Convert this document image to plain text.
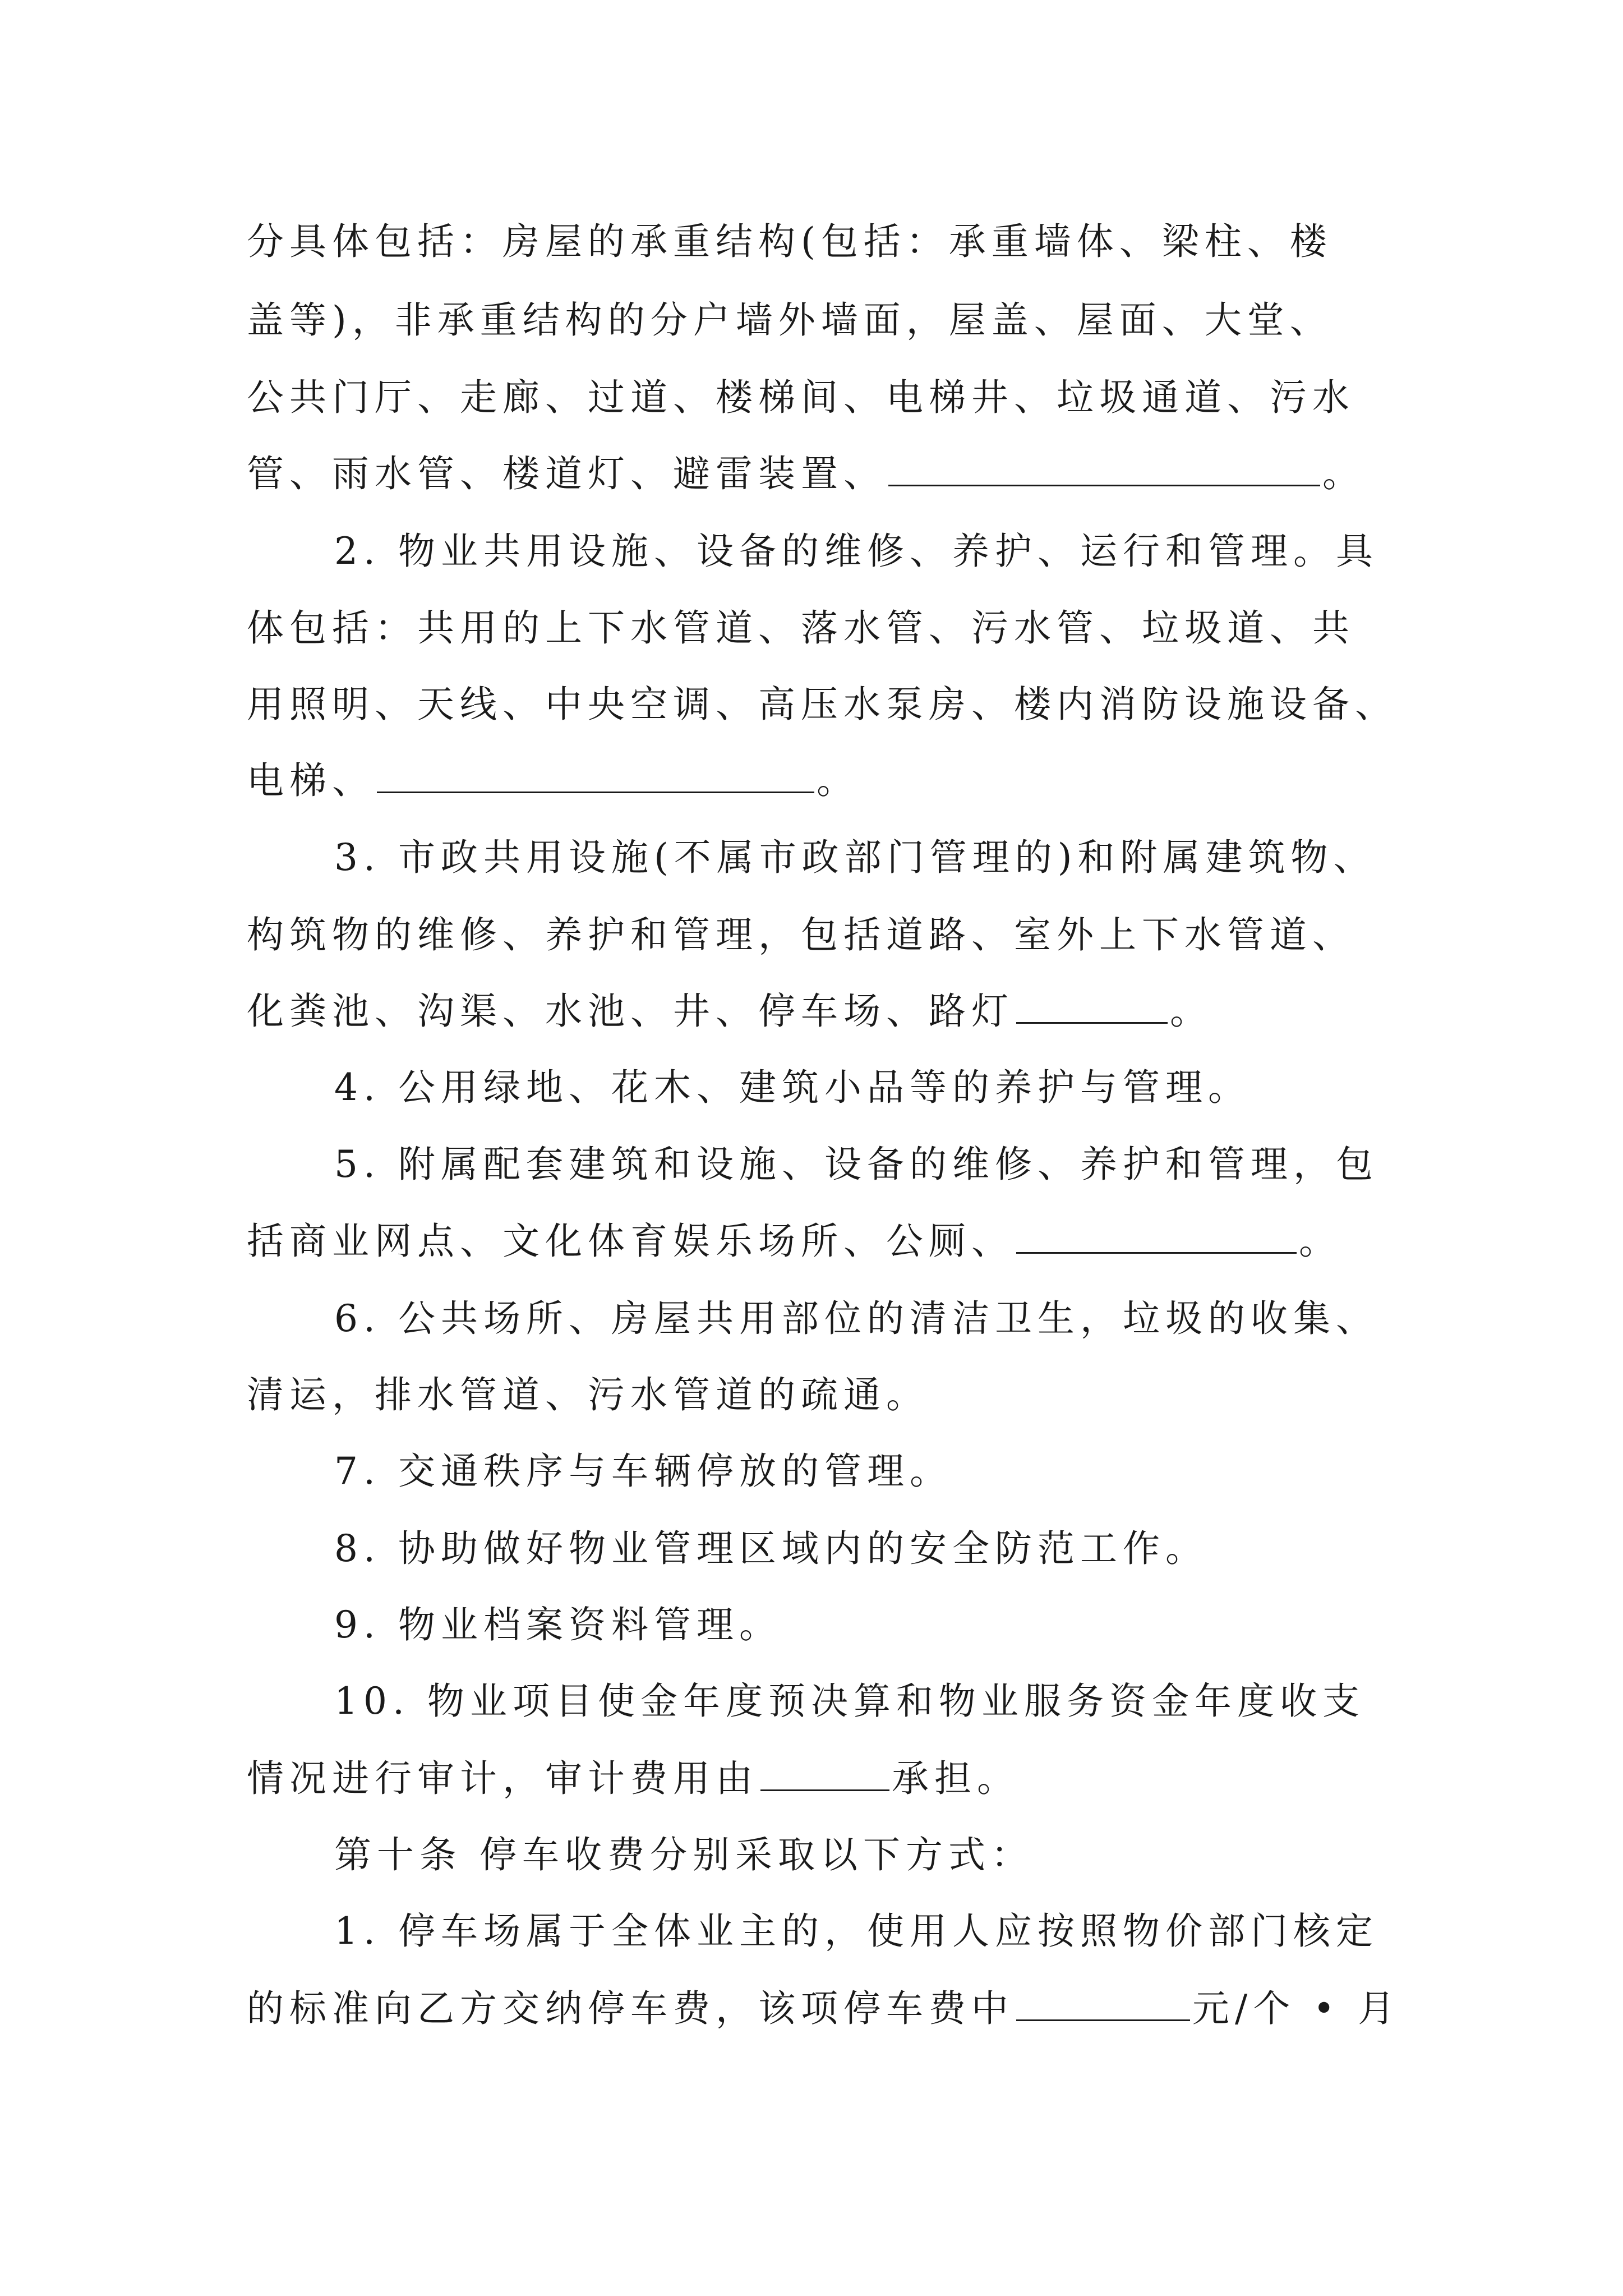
分具体包括：房屋的承重结构(包括：承重墙体、梁柱、楼
盖等)，非承重结构的分户墙外墙面，屋盖、屋面、大堂、
公共门厅、走廊、过道、楼梯间、电梯井、垃圾通道、污水
管、雨水管、楼道灯、避雷装置、	。
2. 物业共用设施、设备的维修、养护、运行和管理。具
体包括：共用的上下水管道、落水管、污水管、垃圾道、共
用照明、天线、中央空调、高压水泵房、楼内消防设施设备、
电梯、	。
3. 市政共用设施(不属市政部门管理的)和附属建筑物、
构筑物的维修、养护和管理，包括道路、室外上下水管道、
化粪池、沟渠、水池、井、停车场、路灯	。
4. 公用绿地、花木、建筑小品等的养护与管理。
5. 附属配套建筑和设施、设备的维修、养护和管理，包
括商业网点、文化体育娱乐场所、公厕、	。
6. 公共场所、房屋共用部位的清洁卫生，垃圾的收集、
清运，排水管道、污水管道的疏通。
7. 交通秩序与车辆停放的管理。
8. 协助做好物业管理区域内的安全防范工作。
9. 物业档案资料管理。
10. 物业项目使金年度预决算和物业服务资金年度收支
情况进行审计，审计费用由	承担。
第十条 停车收费分别采取以下方式：
1. 停车场属于全体业主的，使用人应按照物价部门核定
的标准向乙方交纳停车费，该项停车费中	元/个 • 月
